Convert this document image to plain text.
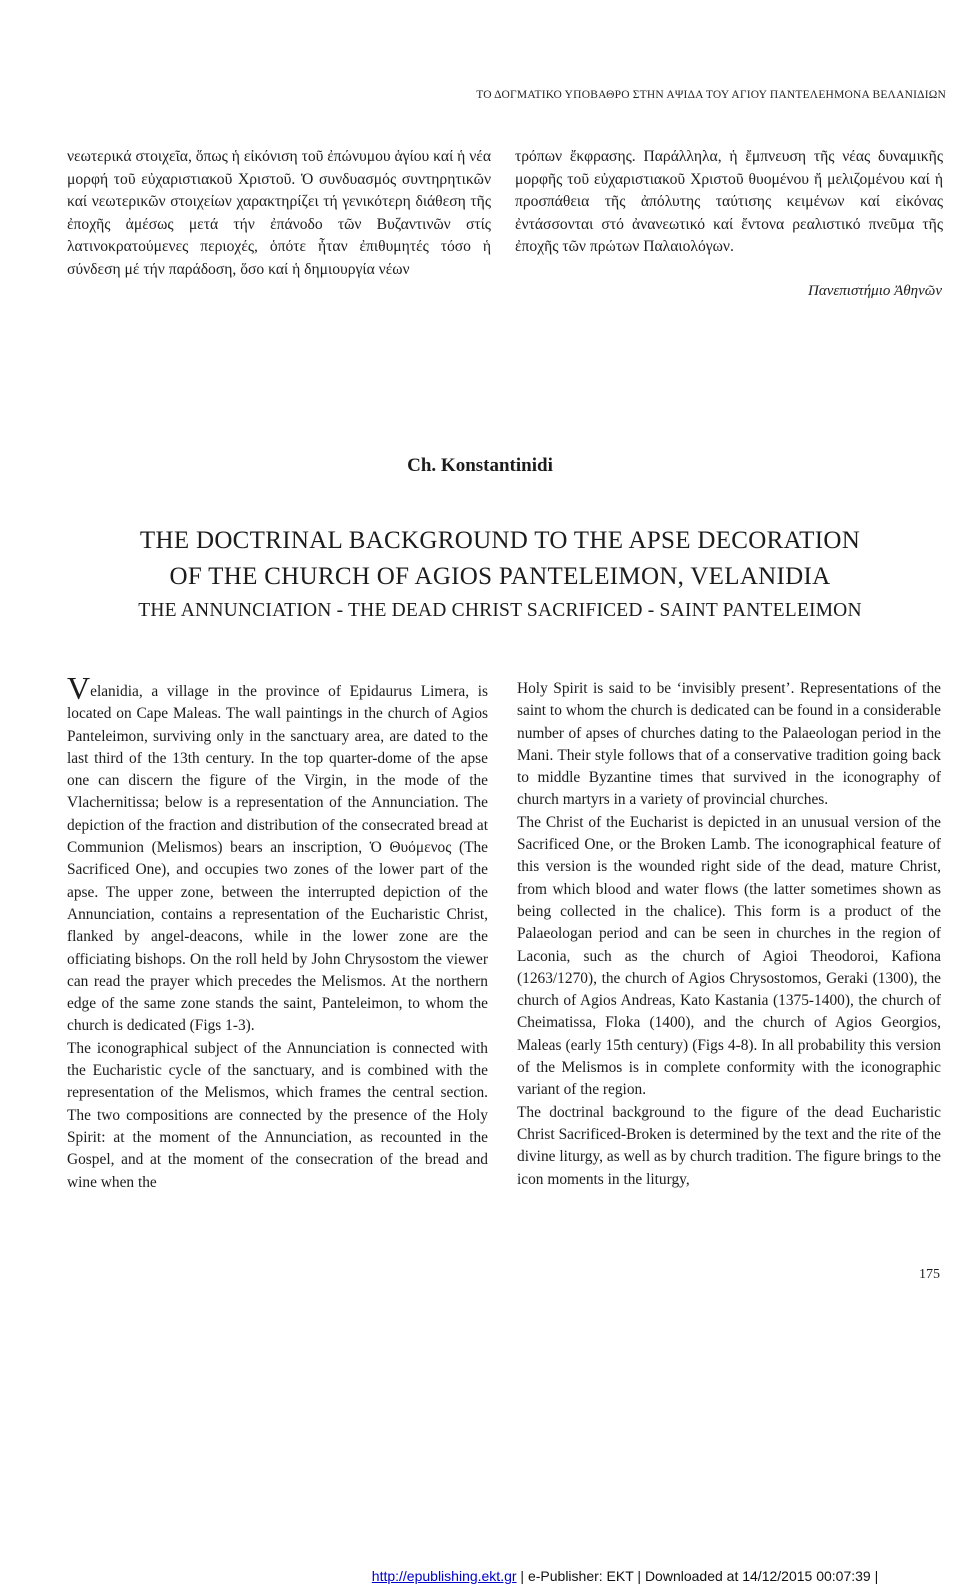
ΤΟ ΔΟΓΜΑΤΙΚΟ ΥΠΟΒΑΘΡΟ ΣΤΗΝ ΑΨΙΔΑ ΤΟΥ ΑΓΙΟΥ ΠΑΝΤΕΛΕΗΜΟΝΑ ΒΕΛΑΝΙΔΙΩΝ

νεωτερικά στοιχεῖα, ὅπως ἡ εἰκόνιση τοῦ ἐπώνυμου ἁγίου καί ἡ νέα μορφή τοῦ εὐχαριστιακοῦ Χριστοῦ. Ὁ συνδυασμός συντηρητικῶν καί νεωτερικῶν στοιχείων χαρακτηρίζει τή γενικότερη διάθεση τῆς ἐποχῆς ἀμέσως μετά τήν ἐπάνοδο τῶν Βυζαντινῶν στίς λατινοκρατούμενες περιοχές, ὁπότε ἦταν ἐπιθυμητές τόσο ἡ σύνδεση μέ τήν παράδοση, ὅσο καί ἡ δημιουργία νέων

τρόπων ἔκφρασης. Παράλληλα, ἡ ἔμπνευση τῆς νέας δυναμικῆς μορφῆς τοῦ εὐχαριστιακοῦ Χριστοῦ θυομένου ἤ μελιζομένου καί ἡ προσπάθεια τῆς ἀπόλυτης ταύτισης κειμένων καί εἰκόνας ἐντάσσονται στό ἀνανεωτικό καί ἔντονα ρεαλιστικό πνεῦμα τῆς ἐποχῆς τῶν πρώτων Παλαιολόγων.

Πανεπιστήμιο Ἀθηνῶν
Ch. Konstantinidi
THE DOCTRINAL BACKGROUND TO THE APSE DECORATION
OF THE CHURCH OF AGIOS PANTELEIMON, VELANIDIA
THE ANNUNCIATION - THE DEAD CHRIST SACRIFICED - SAINT PANTELEIMON

Velanidia, a village in the province of Epidaurus Limera, is located on Cape Maleas. The wall paintings in the church of Agios Panteleimon, surviving only in the sanctuary area, are dated to the last third of the 13th century. In the top quarter-dome of the apse one can discern the figure of the Virgin, in the mode of the Vlachernitissa; below is a representation of the Annunciation. The depiction of the fraction and distribution of the consecrated bread at Communion (Melismos) bears an inscription, Ὁ Θυόμενος (The Sacrificed One), and occupies two zones of the lower part of the apse. The upper zone, between the interrupted depiction of the Annunciation, contains a representation of the Eucharistic Christ, flanked by angel-deacons, while in the lower zone are the officiating bishops. On the roll held by John Chrysostom the viewer can read the prayer which precedes the Melismos. At the northern edge of the same zone stands the saint, Panteleimon, to whom the church is dedicated (Figs 1-3).

The iconographical subject of the Annunciation is connected with the Eucharistic cycle of the sanctuary, and is combined with the representation of the Melismos, which frames the central section. The two compositions are connected by the presence of the Holy Spirit: at the moment of the Annunciation, as recounted in the Gospel, and at the moment of the consecration of the bread and wine when the

Holy Spirit is said to be ‘invisibly present’. Representations of the saint to whom the church is dedicated can be found in a considerable number of apses of churches dating to the Palaeologan period in the Mani. Their style follows that of a conservative tradition going back to middle Byzantine times that survived in the iconography of church martyrs in a variety of provincial churches.

The Christ of the Eucharist is depicted in an unusual version of the Sacrificed One, or the Broken Lamb. The iconographical feature of this version is the wounded right side of the dead, mature Christ, from which blood and water flows (the latter sometimes shown as being collected in the chalice). This form is a product of the Palaeologan period and can be seen in churches in the region of Laconia, such as the church of Agioi Theodoroi, Kafiona (1263/1270), the church of Agios Chrysostomos, Geraki (1300), the church of Agios Andreas, Kato Kastania (1375-1400), the church of Cheimatissa, Floka (1400), and the church of Agios Georgios, Maleas (early 15th century) (Figs 4-8). In all probability this version of the Melismos is in complete conformity with the iconographic variant of the region.

The doctrinal background to the figure of the dead Eucharistic Christ Sacrificed-Broken is determined by the text and the rite of the divine liturgy, as well as by church tradition. The figure brings to the icon moments in the liturgy,

175
http://epublishing.ekt.gr | e-Publisher: EKT | Downloaded at 14/12/2015 00:07:39 |
